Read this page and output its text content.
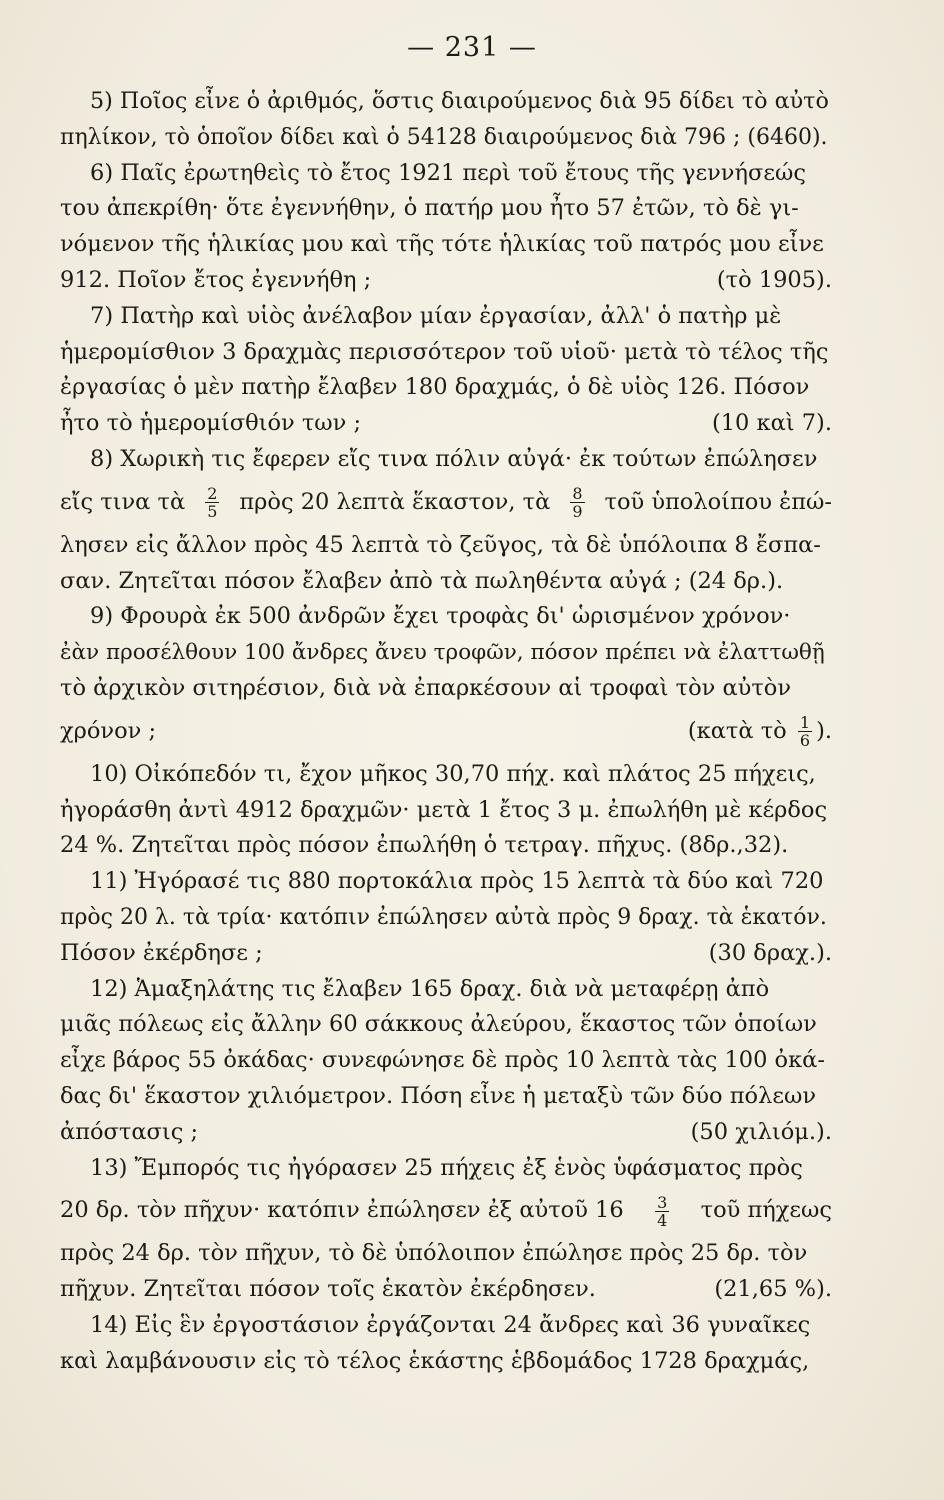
— 231 —
5) Ποῖος εἶνε ὁ ἀριθμός, ὅστις διαιρούμενος διὰ 95 δίδει τὸ αὐτὸ
πηλίκον, τὸ ὁποῖον δίδει καὶ ὁ 54128 διαιρούμενος διὰ 796 ; (6460).
6) Παῖς ἐρωτηθεὶς τὸ ἔτος 1921 περὶ τοῦ ἔτους τῆς γεννήσεώς
του ἀπεκρίθη· ὅτε ἐγεννήθην, ὁ πατήρ μου ἦτο 57 ἐτῶν, τὸ δὲ γι-
νόμενον τῆς ἡλικίας μου καὶ τῆς τότε ἡλικίας τοῦ πατρός μου εἶνε
912. Ποῖον ἔτος ἐγεννήθη ;	(τὸ 1905).
7) Πατὴρ καὶ υἱὸς ἀνέλαβον μίαν ἐργασίαν, ἀλλ' ὁ πατὴρ μὲ
ἡμερομίσθιον 3 δραχμὰς περισσότερον τοῦ υἱοῦ· μετὰ τὸ τέλος τῆς
ἐργασίας ὁ μὲν πατὴρ ἔλαβεν 180 δραχμάς, ὁ δὲ υἱὸς 126. Πόσον
ἦτο τὸ ἡμερομίσθιόν των ;	(10 καὶ 7).
8) Χωρικὴ τις ἔφερεν εἴς τινα πόλιν αὐγά· ἐκ τούτων ἐπώλησεν
εἴς τινα τὰ $\frac{2}{5}$ πρὸς 20 λεπτὰ ἕκαστον, τὰ $\frac{8}{9}$ τοῦ ὑπολοίπου ἐπώ-
λησεν εἰς ἄλλον πρὸς 45 λεπτὰ τὸ ζεῦγος, τὰ δὲ ὑπόλοιπα 8 ἔσπα-
σαν. Ζητεῖται πόσον ἔλαβεν ἀπὸ τὰ πωληθέντα αὐγά ; (24 δρ.).
9) Φρουρὰ ἐκ 500 ἀνδρῶν ἔχει τροφὰς δι' ὡρισμένον χρόνον·
ἐὰν προσέλθουν 100 ἄνδρες ἄνευ τροφῶν, πόσον πρέπει νὰ ἐλαττωθῇ
τὸ ἀρχικὸν σιτηρέσιον, διὰ νὰ ἐπαρκέσουν αἱ τροφαὶ τὸν αὐτὸν
χρόνον ;	(κατὰ τὸ $\frac{1}{6}$ ).
10) Οἰκόπεδόν τι, ἔχον μῆκος 30,70 πήχ. καὶ πλάτος 25 πήχεις,
ἠγοράσθη ἀντὶ 4912 δραχμῶν· μετὰ 1 ἔτος 3 μ. ἐπωλήθη μὲ κέρδος
24 %. Ζητεῖται πρὸς πόσον ἐπωλήθη ὁ τετραγ. πῆχυς. (8δρ.,32).
11) Ἠγόρασέ τις 880 πορτοκάλια πρὸς 15 λεπτὰ τὰ δύο καὶ 720
πρὸς 20 λ. τὰ τρία· κατόπιν ἐπώλησεν αὐτὰ πρὸς 9 δραχ. τὰ ἑκατόν.
Πόσον ἐκέρδησε ;	(30 δραχ.).
12) Ἁμαξηλάτης τις ἔλαβεν 165 δραχ. διὰ νὰ μεταφέρῃ ἀπὸ
μιᾶς πόλεως εἰς ἄλλην 60 σάκκους ἀλεύρου, ἕκαστος τῶν ὁποίων
εἶχε βάρος 55 ὀκάδας· συνεφώνησε δὲ πρὸς 10 λεπτὰ τὰς 100 ὀκά-
δας δι' ἕκαστον χιλιόμετρον. Πόση εἶνε ἡ μεταξὺ τῶν δύο πόλεων
ἀπόστασις ;	(50 χιλιόμ.).
13) Ἔμπορός τις ἠγόρασεν 25 πήχεις ἐξ ἑνὸς ὑφάσματος πρὸς
20 δρ. τὸν πῆχυν· κατόπιν ἐπώλησεν ἐξ αὐτοῦ $16 \frac{3}{4}$ τοῦ πήχεως
πρὸς 24 δρ. τὸν πῆχυν, τὸ δὲ ὑπόλοιπον ἐπώλησε πρὸς 25 δρ. τὸν
πῆχυν. Ζητεῖται πόσον τοῖς ἑκατὸν ἐκέρδησεν.	(21,65 %).
14) Εἰς ἓν ἐργοστάσιον ἐργάζονται 24 ἄνδρες καὶ 36 γυναῖκες
καὶ λαμβάνουσιν εἰς τὸ τέλος ἑκάστης ἑβδομάδος 1728 δραχμάς,
